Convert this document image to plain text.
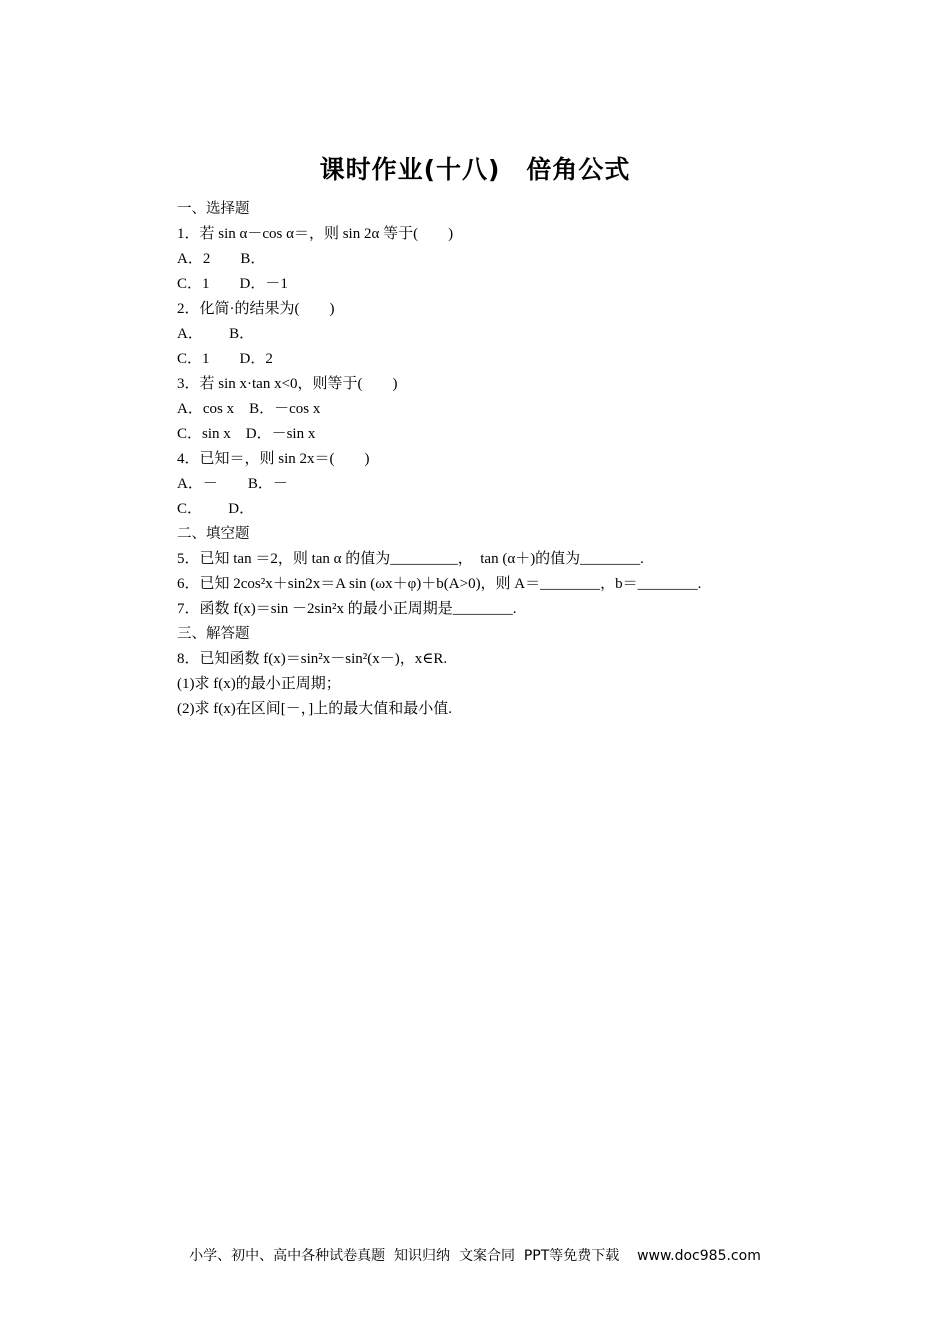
课时作业(十八)　倍角公式
一、选择题
1．若 sin α－cos α＝，则 sin 2α 等于(　　)
A．2　　B．
C．1　　D．－1
2．化简·的结果为(　　)
A．　　 B．
C．1　　D．2
3．若 sin x·tan x<0，则等于(　　)
A．cos x　B．－cos x
C．sin x　D．－sin x
4．已知＝，则 sin 2x＝(　　)
A．－　　B．－
C．　　 D．
二、填空题
5．已知 tan ＝2，则 tan α 的值为_________，　tan (α＋)的值为________.
6．已知 2cos²x＋sin2x＝A sin (ωx＋φ)＋b(A>0)，则 A＝________，b＝________.
7．函数 f(x)＝sin －2sin²x 的最小正周期是________.
三、解答题
8．已知函数 f(x)＝sin²x－sin²(x－)，x∈R.
(1)求 f(x)的最小正周期；
(2)求 f(x)在区间[－，]上的最大值和最小值.
小学、初中、高中各种试卷真题  知识归纳  文案合同  PPT等免费下载    www.doc985.com
